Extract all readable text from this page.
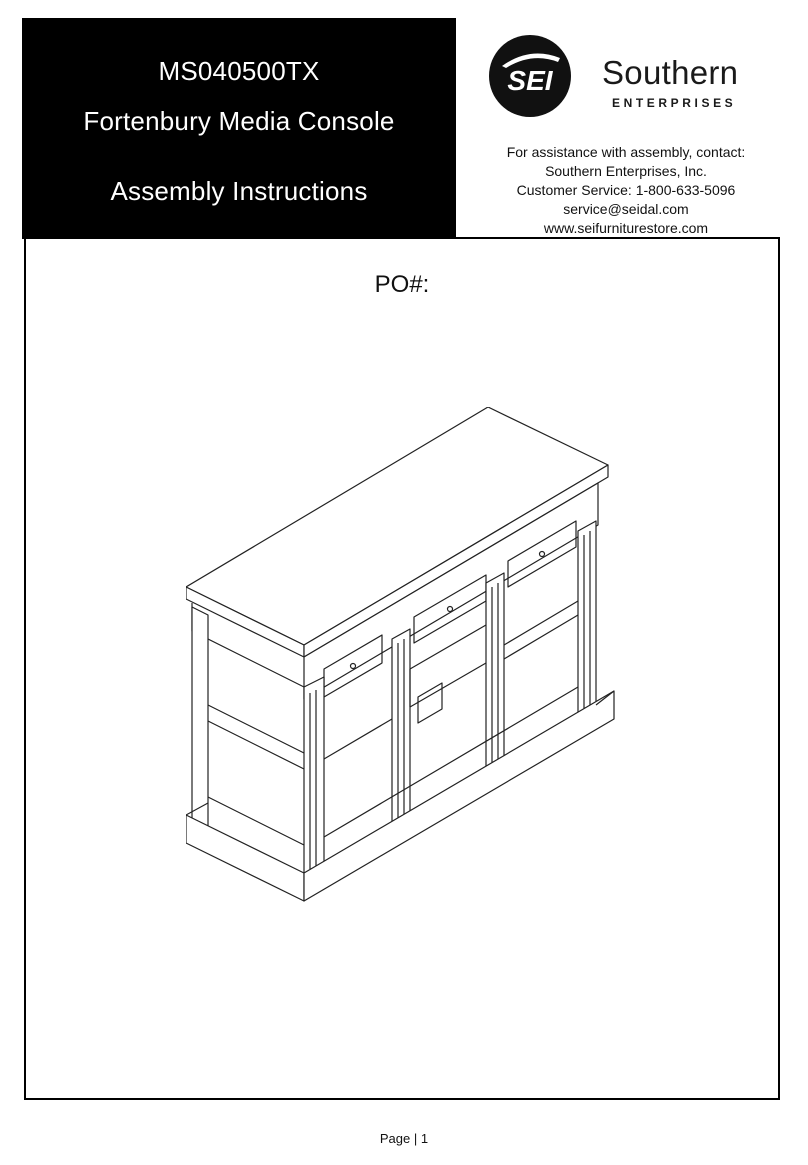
MS040500TX
Fortenbury Media Console
Assembly Instructions
SEI Southern
ENTERPRISES
For assistance with assembly, contact:
Southern Enterprises, Inc.
Customer Service: 1-800-633-5096
service@seidal.com
www.seifurniturestore.com
PO#:
Page | 1
